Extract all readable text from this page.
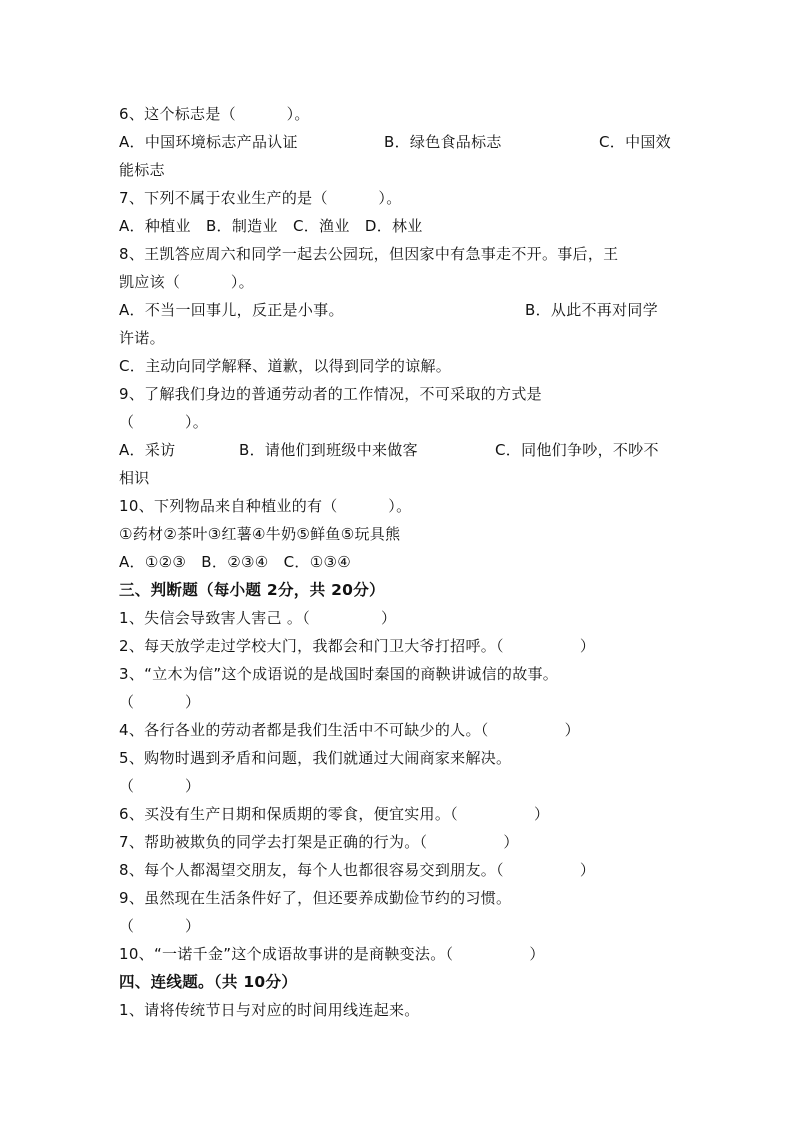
6、这个标志是（          ）。
A．中国环境标志产品认证	B．绿色食品标志	C．中国效
能标志
7、下列不属于农业生产的是（          ）。
A．种植业   B．制造业   C．渔业   D．林业
8、王凯答应周六和同学一起去公园玩，但因家中有急事走不开。事后，王
凯应该（          ）。
A．不当一回事儿，反正是小事。	B．从此不再对同学
许诺。
C．主动向同学解释、道歉，以得到同学的谅解。
9、了解我们身边的普通劳动者的工作情况，不可采取的方式是
（          ）。
A．采访	B．请他们到班级中来做客	C．同他们争吵，不吵不
相识
10、下列物品来自种植业的有（          ）。
①药材②茶叶③红薯④牛奶⑤鲜鱼⑤玩具熊
A．①②③   B．②③④   C．①③④
三、判断题（每小题 2分，共 20分）
1、失信会导致害人害己 。（              ）
2、每天放学走过学校大门，我都会和门卫大爷打招呼。（               ）
3、“立木为信”这个成语说的是战国时秦国的商鞅讲诚信的故事。
（          ）
4、各行各业的劳动者都是我们生活中不可缺少的人。（               ）
5、购物时遇到矛盾和问题，我们就通过大闹商家来解决。
（          ）
6、买没有生产日期和保质期的零食，便宜实用。（               ）
7、帮助被欺负的同学去打架是正确的行为。（               ）
8、每个人都渴望交朋友，每个人也都很容易交到朋友。（               ）
9、虽然现在生活条件好了，但还要养成勤俭节约的习惯。
（          ）
10、“一诺千金”这个成语故事讲的是商鞅变法。（               ）
四、连线题。（共 10分）
1、请将传统节日与对应的时间用线连起来。
